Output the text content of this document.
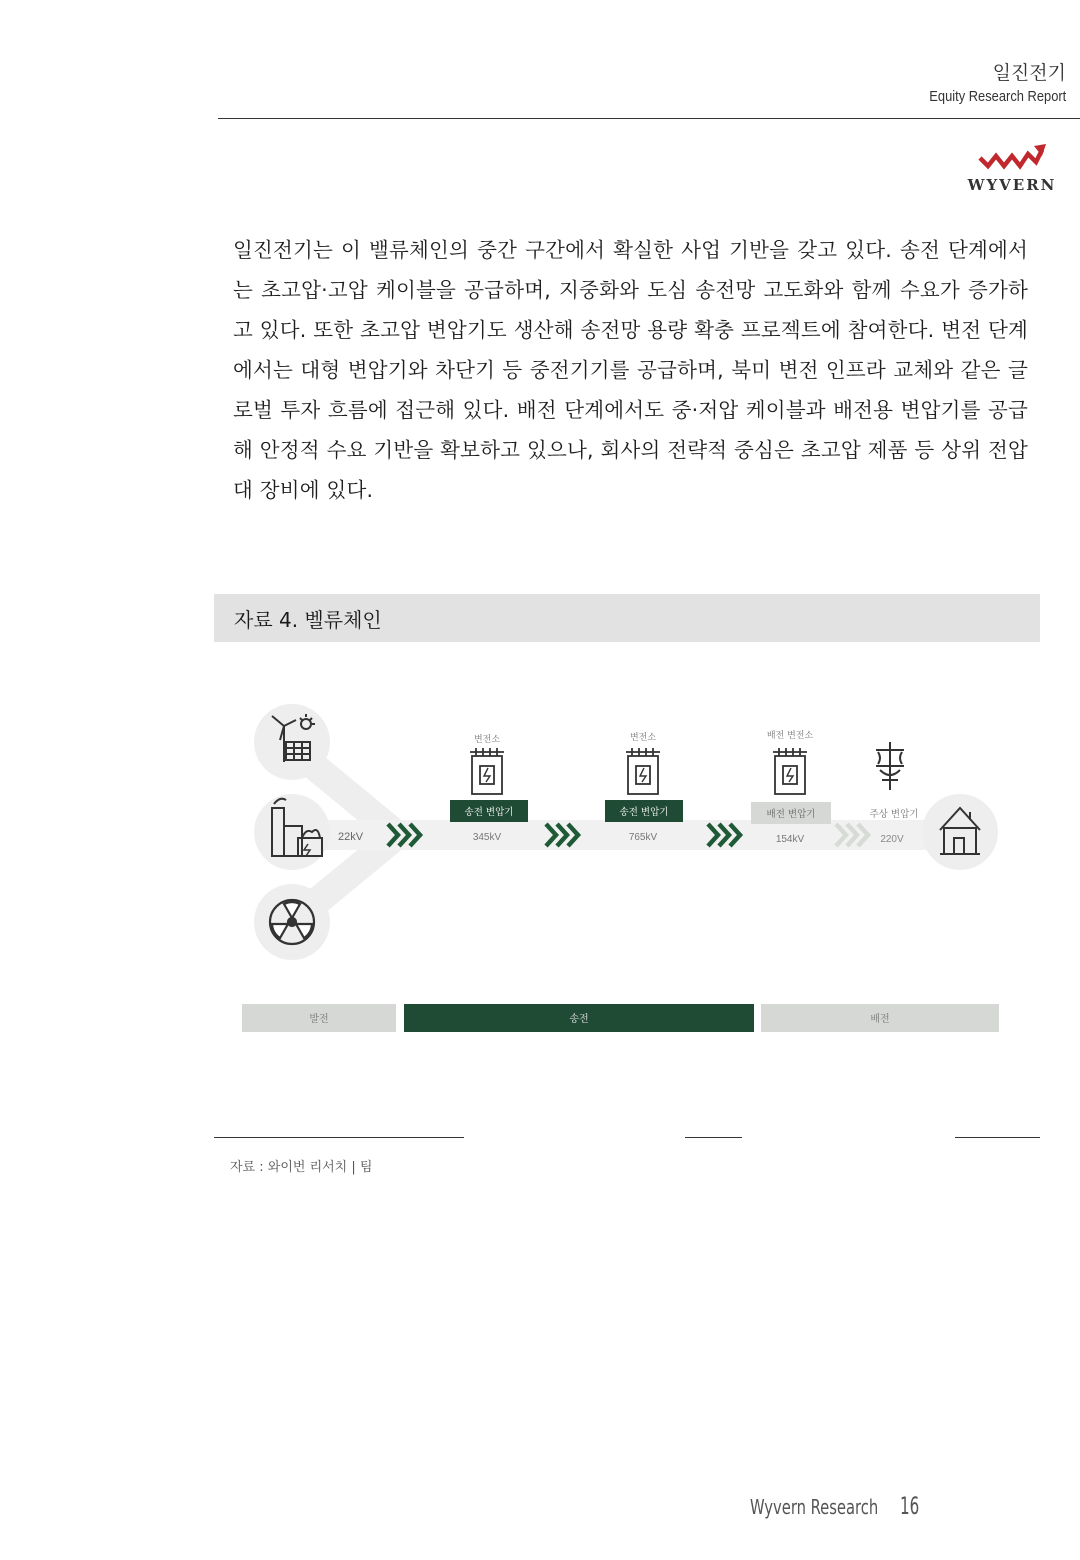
일진전기
Equity Research Report
WYVERN
일진전기는 이 밸류체인의 중간 구간에서 확실한 사업 기반을 갖고 있다. 송전 단계에서는 초고압·고압 케이블을 공급하며, 지중화와 도심 송전망 고도화와 함께 수요가 증가하고 있다. 또한 초고압 변압기도 생산해 송전망 용량 확충 프로젝트에 참여한다. 변전 단계에서는 대형 변압기와 차단기 등 중전기기를 공급하며, 북미 변전 인프라 교체와 같은 글로벌 투자 흐름에 접근해 있다. 배전 단계에서도 중·저압 케이블과 배전용 변압기를 공급해 안정적 수요 기반을 확보하고 있으나, 회사의 전략적 중심은 초고압 제품 등 상위 전압대 장비에 있다.
자료 4. 벨류체인
22kV
변전소
송전 변압기
345kV
변전소
송전 변압기
765kV
배전 변전소
배전 변압기
154kV
주상 변압기
220V
발전	송전	배전
자료 : 와이번 리서치 | 팀
Wyvern Research 16
